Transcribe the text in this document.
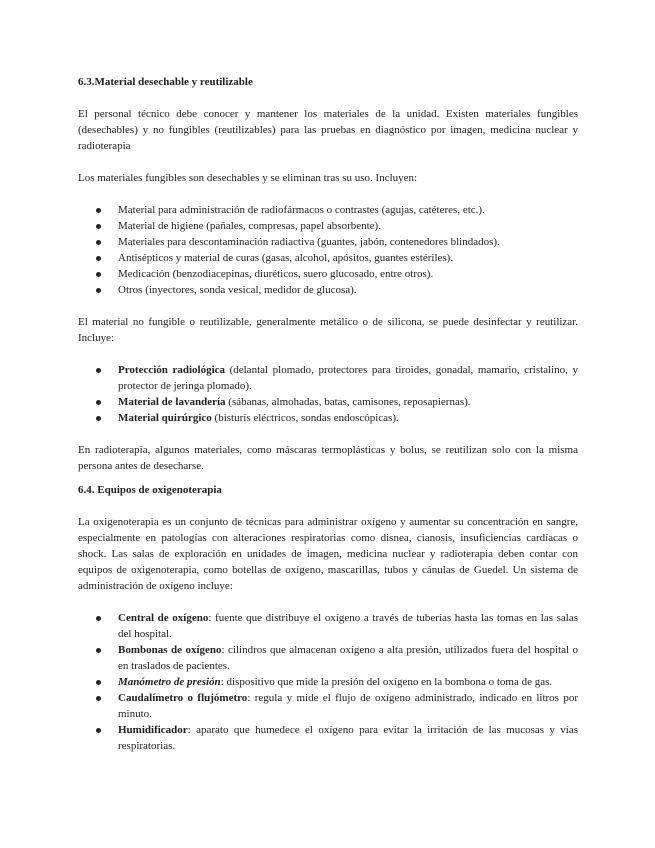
6.3.Material desechable y reutilizable

El personal técnico debe conocer y mantener los materiales de la unidad. Existen materiales fungibles (desechables) y no fungibles (reutilizables) para las pruebas en diagnóstico por imagen, medicina nuclear y radioterapia

Los materiales fungibles son desechables y se eliminan tras su uso. Incluyen:

Material para administración de radiofármacos o contrastes (agujas, catéteres, etc.).
Material de higiene (pañales, compresas, papel absorbente).
Materiales para descontaminación radiactiva (guantes, jabón, contenedores blindados).
Antisépticos y material de curas (gasas, alcohol, apósitos, guantes estériles).
Medicación (benzodiacepinas, diuréticos, suero glucosado, entre otros).
Otros (inyectores, sonda vesical, medidor de glucosa).

El material no fungible o reutilizable, generalmente metálico o de silicona, se puede desinfectar y reutilizar. Incluye:

Protección radiológica (delantal plomado, protectores para tiroides, gonadal, mamario, cristalino, y protector de jeringa plomado).
Material de lavandería (sábanas, almohadas, batas, camisones, reposapiernas).
Material quirúrgico (bisturís eléctricos, sondas endoscópicas).

En radioterapia, algunos materiales, como máscaras termoplásticas y bolus, se reutilizan solo con la misma persona antes de desecharse.

6.4. Equipos de oxigenoterapia

La oxigenoterapia es un conjunto de técnicas para administrar oxígeno y aumentar su concentración en sangre, especialmente en patologías con alteraciones respiratorias como disnea, cianosis, insuficiencias cardíacas o shock. Las salas de exploración en unidades de imagen, medicina nuclear y radioterapia deben contar con equipos de oxigenoterapia, como botellas de oxígeno, mascarillas, tubos y cánulas de Guedel. Un sistema de administración de oxígeno incluye:

Central de oxígeno: fuente que distribuye el oxígeno a través de tuberías hasta las tomas en las salas del hospital.
Bombonas de oxígeno: cilindros que almacenan oxígeno a alta presión, utilizados fuera del hospital o en traslados de pacientes.
Manómetro de presión: dispositivo que mide la presión del oxígeno en la bombona o toma de gas.
Caudalímetro o flujómetro: regula y mide el flujo de oxígeno administrado, indicado en litros por minuto.
Humidificador: aparato que humedece el oxígeno para evitar la irritación de las mucosas y vías respiratorias.
